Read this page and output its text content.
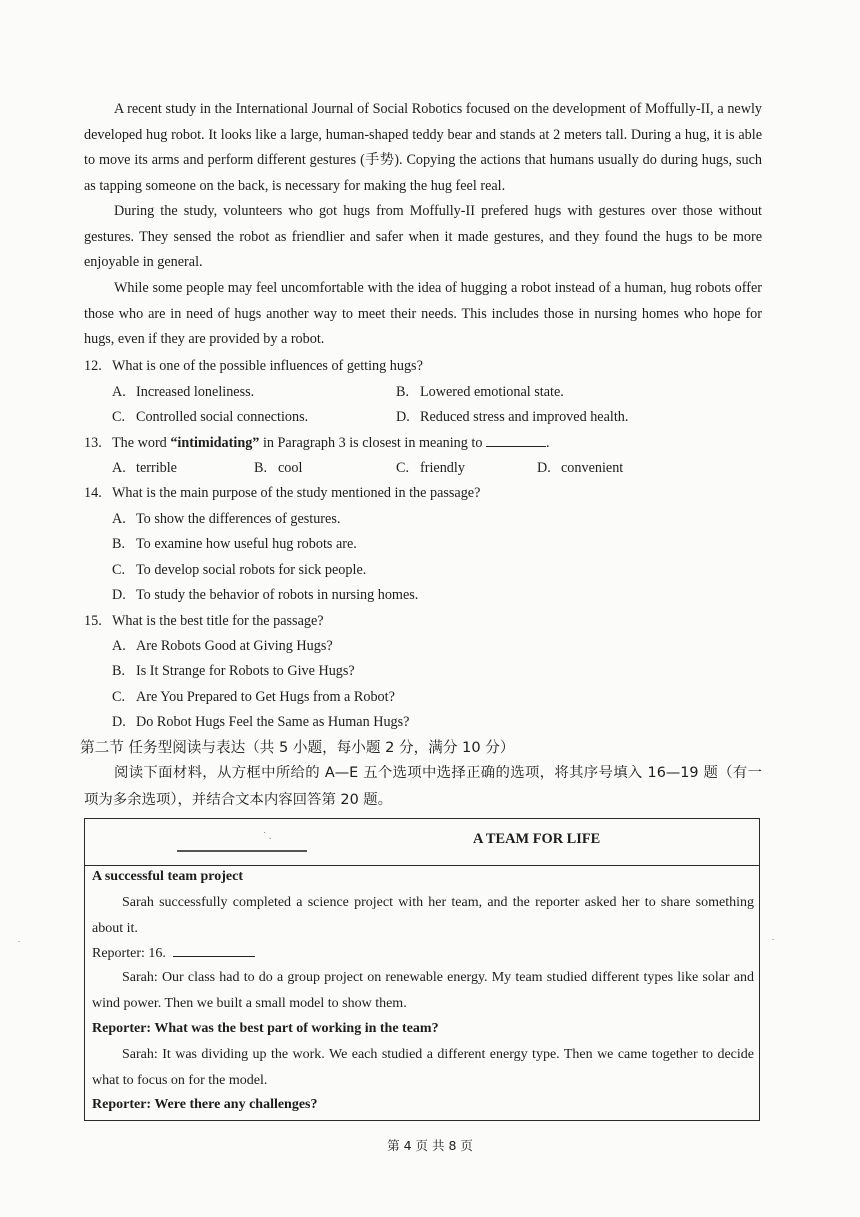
A recent study in the International Journal of Social Robotics focused on the development of Moffully-II, a newly developed hug robot. It looks like a large, human-shaped teddy bear and stands at 2 meters tall. During a hug, it is able to move its arms and perform different gestures (手势). Copying the actions that humans usually do during hugs, such as tapping someone on the back, is necessary for making the hug feel real.

During the study, volunteers who got hugs from Moffully-II prefered hugs with gestures over those without gestures. They sensed the robot as friendlier and safer when it made gestures, and they found the hugs to be more enjoyable in general.

While some people may feel uncomfortable with the idea of hugging a robot instead of a human, hug robots offer those who are in need of hugs another way to meet their needs. This includes those in nursing homes who hope for hugs, even if they are provided by a robot.

12. What is one of the possible influences of getting hugs?
A. Increased loneliness.	B. Lowered emotional state.
C. Controlled social connections.	D. Reduced stress and improved health.
13. The word “intimidating” in Paragraph 3 is closest in meaning to	.
A. terrible	B. cool	C. friendly	D. convenient
14. What is the main purpose of the study mentioned in the passage?
A. To show the differences of gestures.
B. To examine how useful hug robots are.
C. To develop social robots for sick people.
D. To study the behavior of robots in nursing homes.
15. What is the best title for the passage?
A. Are Robots Good at Giving Hugs?
B. Is It Strange for Robots to Give Hugs?
C. Are You Prepared to Get Hugs from a Robot?
D. Do Robot Hugs Feel the Same as Human Hugs?
第二节 任务型阅读与表达（共 5 小题，每小题 2 分，满分 10 分）

阅读下面材料，从方框中所给的 A—E 五个选项中选择正确的选项，将其序号填入 16—19 题（有一项为多余选项），并结合文本内容回答第 20 题。

˙ .	A TEAM FOR LIFE
A successful team project

Sarah successfully completed a science project with her team, and the reporter asked her to share something about it.

Reporter: 16.

Sarah: Our class had to do a group project on renewable energy. My team studied different types like solar and wind power. Then we built a small model to show them.

Reporter: What was the best part of working in the team?

Sarah: It was dividing up the work. We each studied a different energy type. Then we came together to decide what to focus on for the model.

Reporter: Were there any challenges?
第 4 页 共 8 页
.	.
